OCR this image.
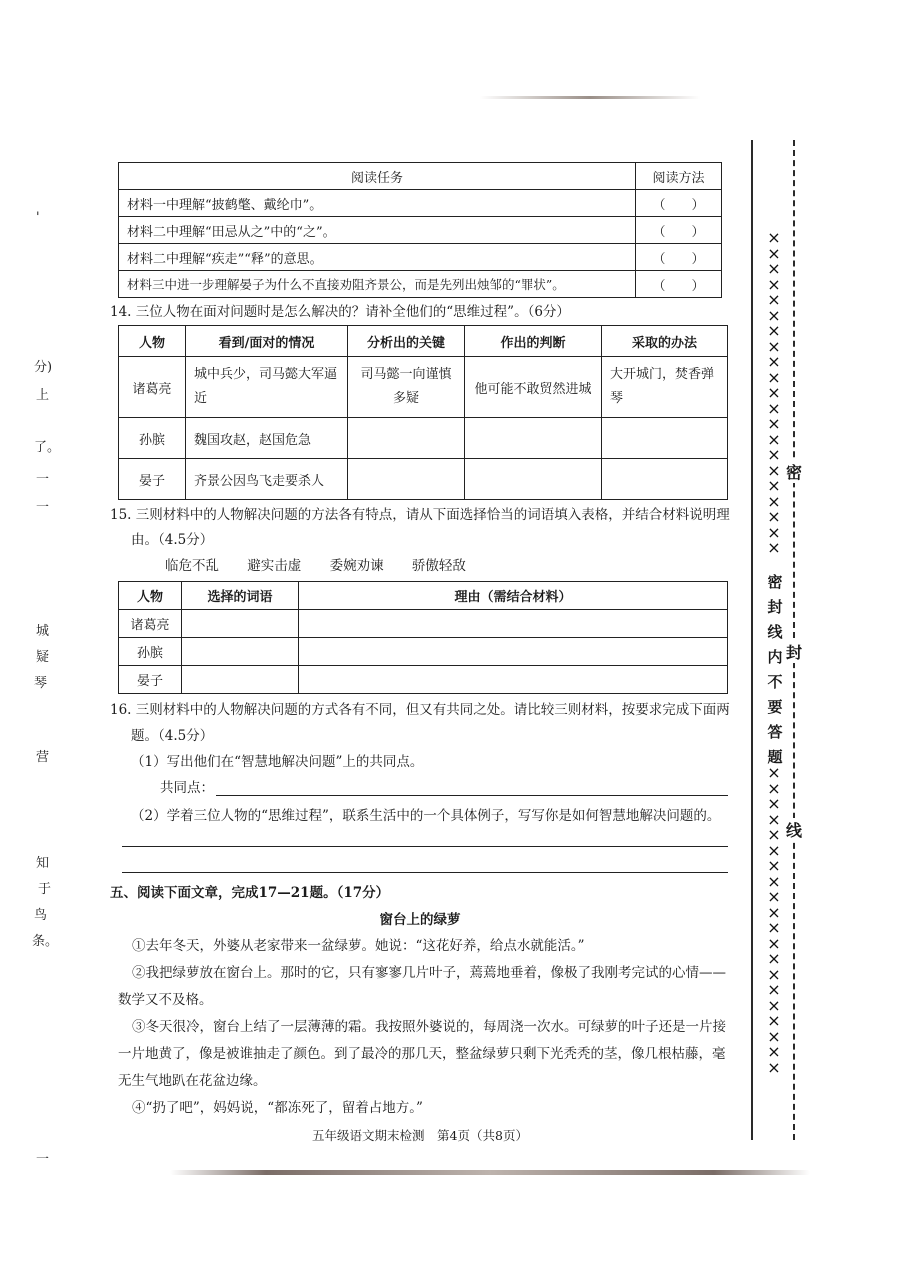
'
分)
上
了。
一
一
城
疑
琴
营
知
于
鸟
条。
一
阅读任务	阅读方法
材料一中理解“披鹤氅、戴纶巾”。	（　　）
材料二中理解“田忌从之”中的“之”。	（　　）
材料二中理解“疾走”“释”的意思。	（　　）
材料三中进一步理解晏子为什么不直接劝阻齐景公，而是先列出烛邹的“罪状”。	（　　）
14. 三位人物在面对问题时是怎么解决的？请补全他们的“思维过程”。（6分）
人物	看到/面对的情况	分析出的关键	作出的判断	采取的办法
诸葛亮	城中兵少，司马懿大军逼近	司马懿一向谨慎多疑	他可能不敢贸然进城	大开城门，焚香弹琴
孙膑	魏国攻赵，赵国危急			
晏子	齐景公因鸟飞走要杀人			
15. 三则材料中的人物解决问题的方法各有特点，请从下面选择恰当的词语填入表格，并结合材料说明理
由。（4.5分）
临危不乱 避实击虚 委婉劝谏 骄傲轻敌
人物	选择的词语	理由（需结合材料）
诸葛亮		
孙膑		
晏子		
16. 三则材料中的人物解决问题的方式各有不同，但又有共同之处。请比较三则材料，按要求完成下面两
题。（4.5分）
（1）写出他们在“智慧地解决问题”上的共同点。
共同点：
（2）学着三位人物的“思维过程”，联系生活中的一个具体例子，写写你是如何智慧地解决问题的。
五、阅读下面文章，完成17—21题。（17分）
窗台上的绿萝
①去年冬天，外婆从老家带来一盆绿萝。她说：“这花好养，给点水就能活。”
②我把绿萝放在窗台上。那时的它，只有寥寥几片叶子，蔫蔫地垂着，像极了我刚考完试的心情——数学又不及格。
③冬天很冷，窗台上结了一层薄薄的霜。我按照外婆说的，每周浇一次水。可绿萝的叶子还是一片接一片地黄了，像是被谁抽走了颜色。到了最冷的那几天，整盆绿萝只剩下光秃秃的茎，像几根枯藤，毫无生气地趴在花盆边缘。
④“扔了吧”，妈妈说，“都冻死了，留着占地方。”
五年级语文期末检测　第4页（共8页）
×
×
×
×
×
×
×
×
×
×
×
×
×
×
×
×
×
×
×
×
×
密
封
线
内
不
要
答
题
×
×
×
×
×
×
×
×
×
×
×
×
×
×
×
×
×
×
×
×
密
封
线
